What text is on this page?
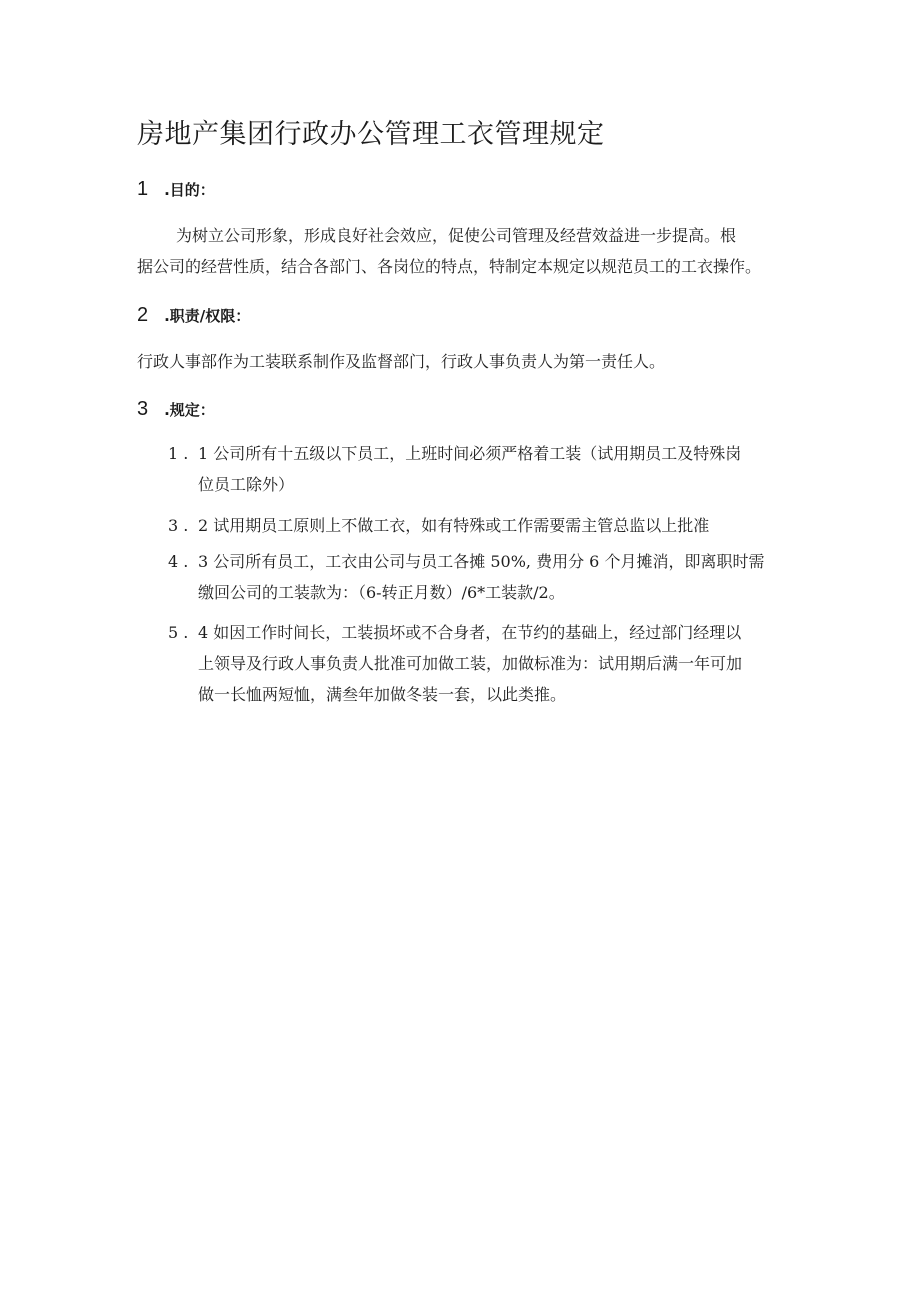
房地产集团行政办公管理工衣管理规定
1 .目的：
为树立公司形象，形成良好社会效应，促使公司管理及经营效益进一步提高。根
据公司的经营性质，结合各部门、各岗位的特点，特制定本规定以规范员工的工衣操作。
2 .职责/权限：
行政人事部作为工装联系制作及监督部门，行政人事负责人为第一责任人。
3 .规定：
1 . 1 公司所有十五级以下员工，上班时间必须严格着工装（试用期员工及特殊岗
位员工除外）
3 . 2 试用期员工原则上不做工衣，如有特殊或工作需要需主管总监以上批准
4 . 3 公司所有员工，工衣由公司与员工各摊 50%, 费用分 6 个月摊消，即离职时需
缴回公司的工装款为：（6-转正月数）/6*工装款/2。
5 . 4 如因工作时间长，工装损坏或不合身者，在节约的基础上，经过部门经理以
上领导及行政人事负责人批准可加做工装，加做标准为：试用期后满一年可加
做一长恤两短恤，满叁年加做冬装一套，以此类推。
